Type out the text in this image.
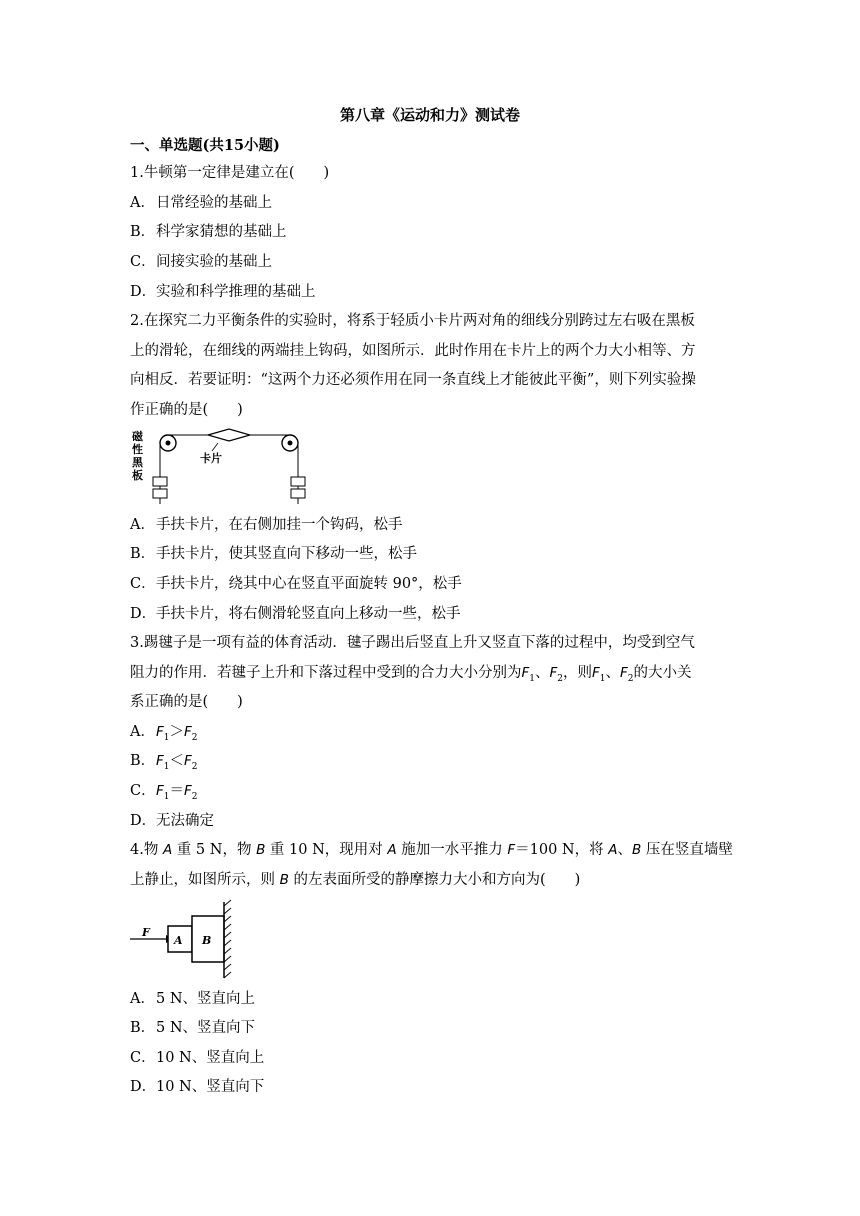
第八章《运动和力》测试卷
一、单选题(共15小题)
1.牛顿第一定律是建立在(　　)
A．日常经验的基础上
B．科学家猜想的基础上
C．间接实验的基础上
D．实验和科学推理的基础上
2.在探究二力平衡条件的实验时，将系于轻质小卡片两对角的细线分别跨过左右吸在黑板
上的滑轮，在细线的两端挂上钩码，如图所示．此时作用在卡片上的两个力大小相等、方
向相反．若要证明：“这两个力还必须作用在同一条直线上才能彼此平衡”，则下列实验操
作正确的是(　　)
磁
性
黑
板
卡片
A．手扶卡片，在右侧加挂一个钩码，松手
B．手扶卡片，使其竖直向下移动一些，松手
C．手扶卡片，绕其中心在竖直平面旋转 90°，松手
D．手扶卡片，将右侧滑轮竖直向上移动一些，松手
3.踢毽子是一项有益的体育活动．毽子踢出后竖直上升又竖直下落的过程中，均受到空气
阻力的作用．若毽子上升和下落过程中受到的合力大小分别为$F_1$、$F_2$，则$F_1$、$F_2$的大小关
系正确的是(　　)
A．$F_1>F_2$
B．$F_1<F_2$
C．$F_1=F_2$
D．无法确定
4.物 A 重 5 N，物 B 重 10 N，现用对 A 施加一水平推力 F＝100 N，将 A、B 压在竖直墙壁
上静止，如图所示，则 B 的左表面所受的静摩擦力大小和方向为(　　)
F
A B
A．5 N、竖直向上
B．5 N、竖直向下
C．10 N、竖直向上
D．10 N、竖直向下
